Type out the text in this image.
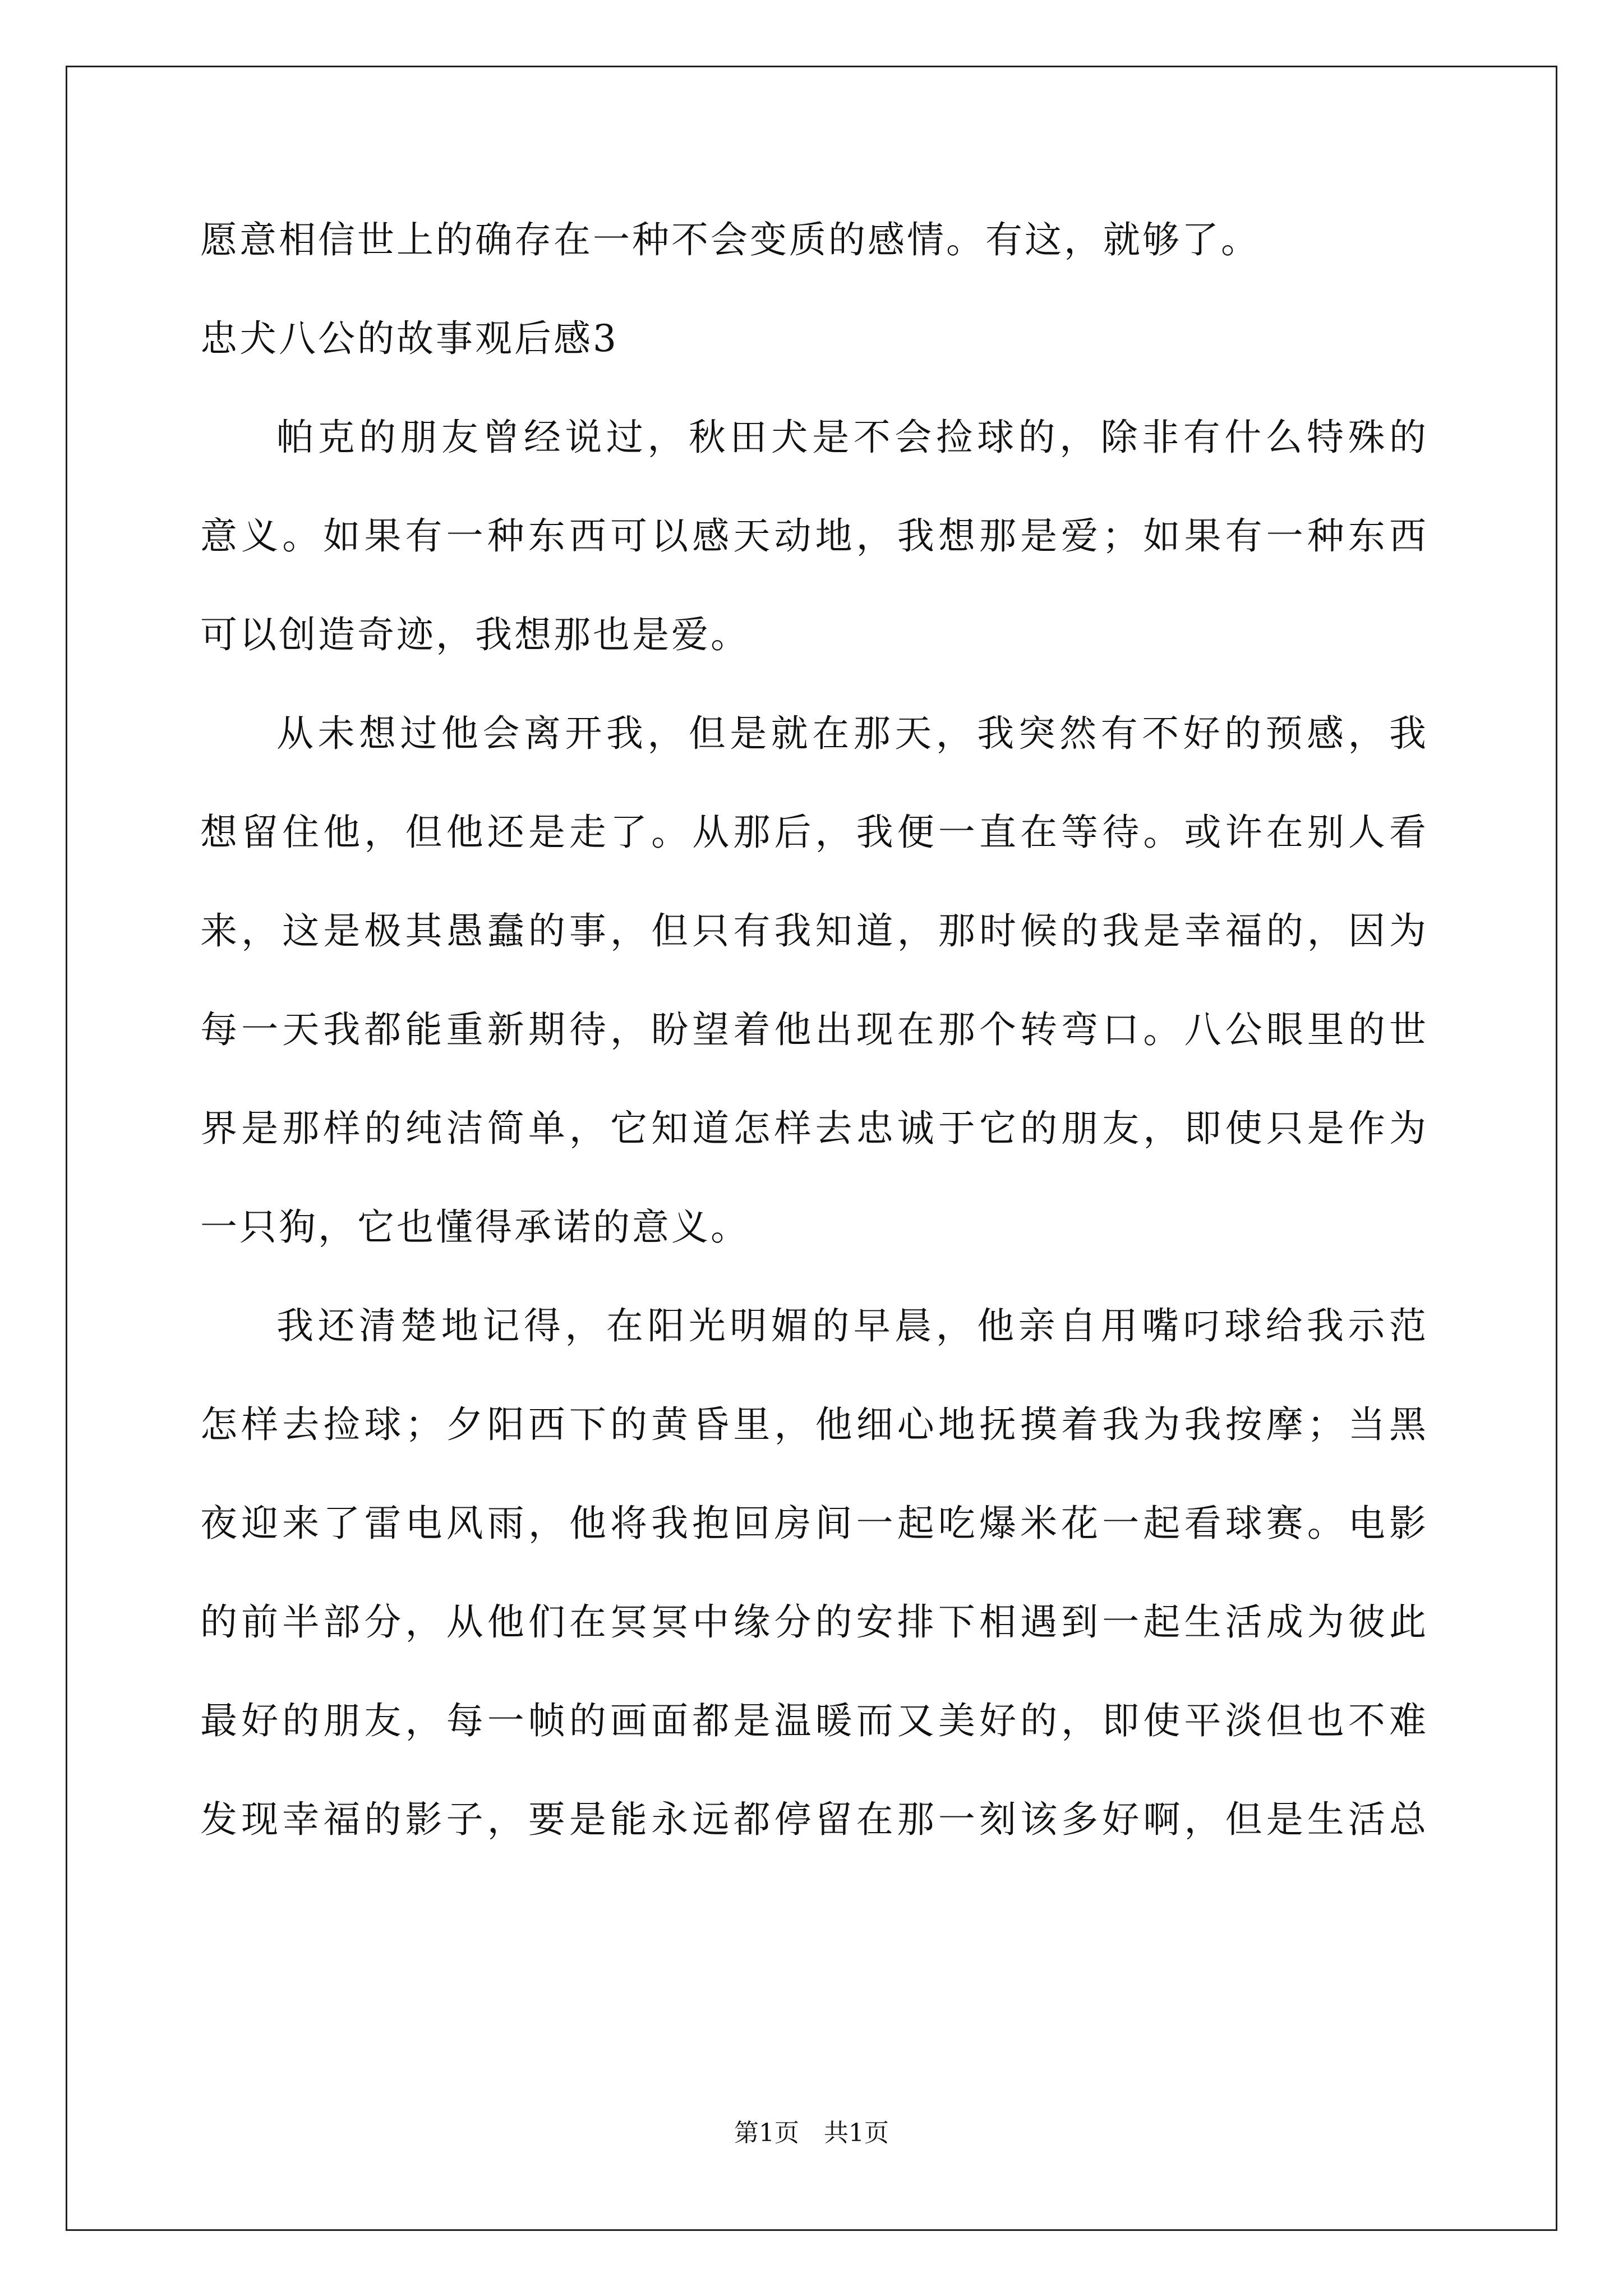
愿意相信世上的确存在一种不会变质的感情。有这，就够了。
忠犬八公的故事观后感3
帕克的朋友曾经说过，秋田犬是不会捡球的，除非有什么特殊的
意义。如果有一种东西可以感天动地，我想那是爱；如果有一种东西
可以创造奇迹，我想那也是爱。
从未想过他会离开我，但是就在那天，我突然有不好的预感，我
想留住他，但他还是走了。从那后，我便一直在等待。或许在别人看
来，这是极其愚蠢的事，但只有我知道，那时候的我是幸福的，因为
每一天我都能重新期待，盼望着他出现在那个转弯口。八公眼里的世
界是那样的纯洁简单，它知道怎样去忠诚于它的朋友，即使只是作为
一只狗，它也懂得承诺的意义。
我还清楚地记得，在阳光明媚的早晨，他亲自用嘴叼球给我示范
怎样去捡球；夕阳西下的黄昏里，他细心地抚摸着我为我按摩；当黑
夜迎来了雷电风雨，他将我抱回房间一起吃爆米花一起看球赛。电影
的前半部分，从他们在冥冥中缘分的安排下相遇到一起生活成为彼此
最好的朋友，每一帧的画面都是温暖而又美好的，即使平淡但也不难
发现幸福的影子，要是能永远都停留在那一刻该多好啊，但是生活总
第1页 共1页
